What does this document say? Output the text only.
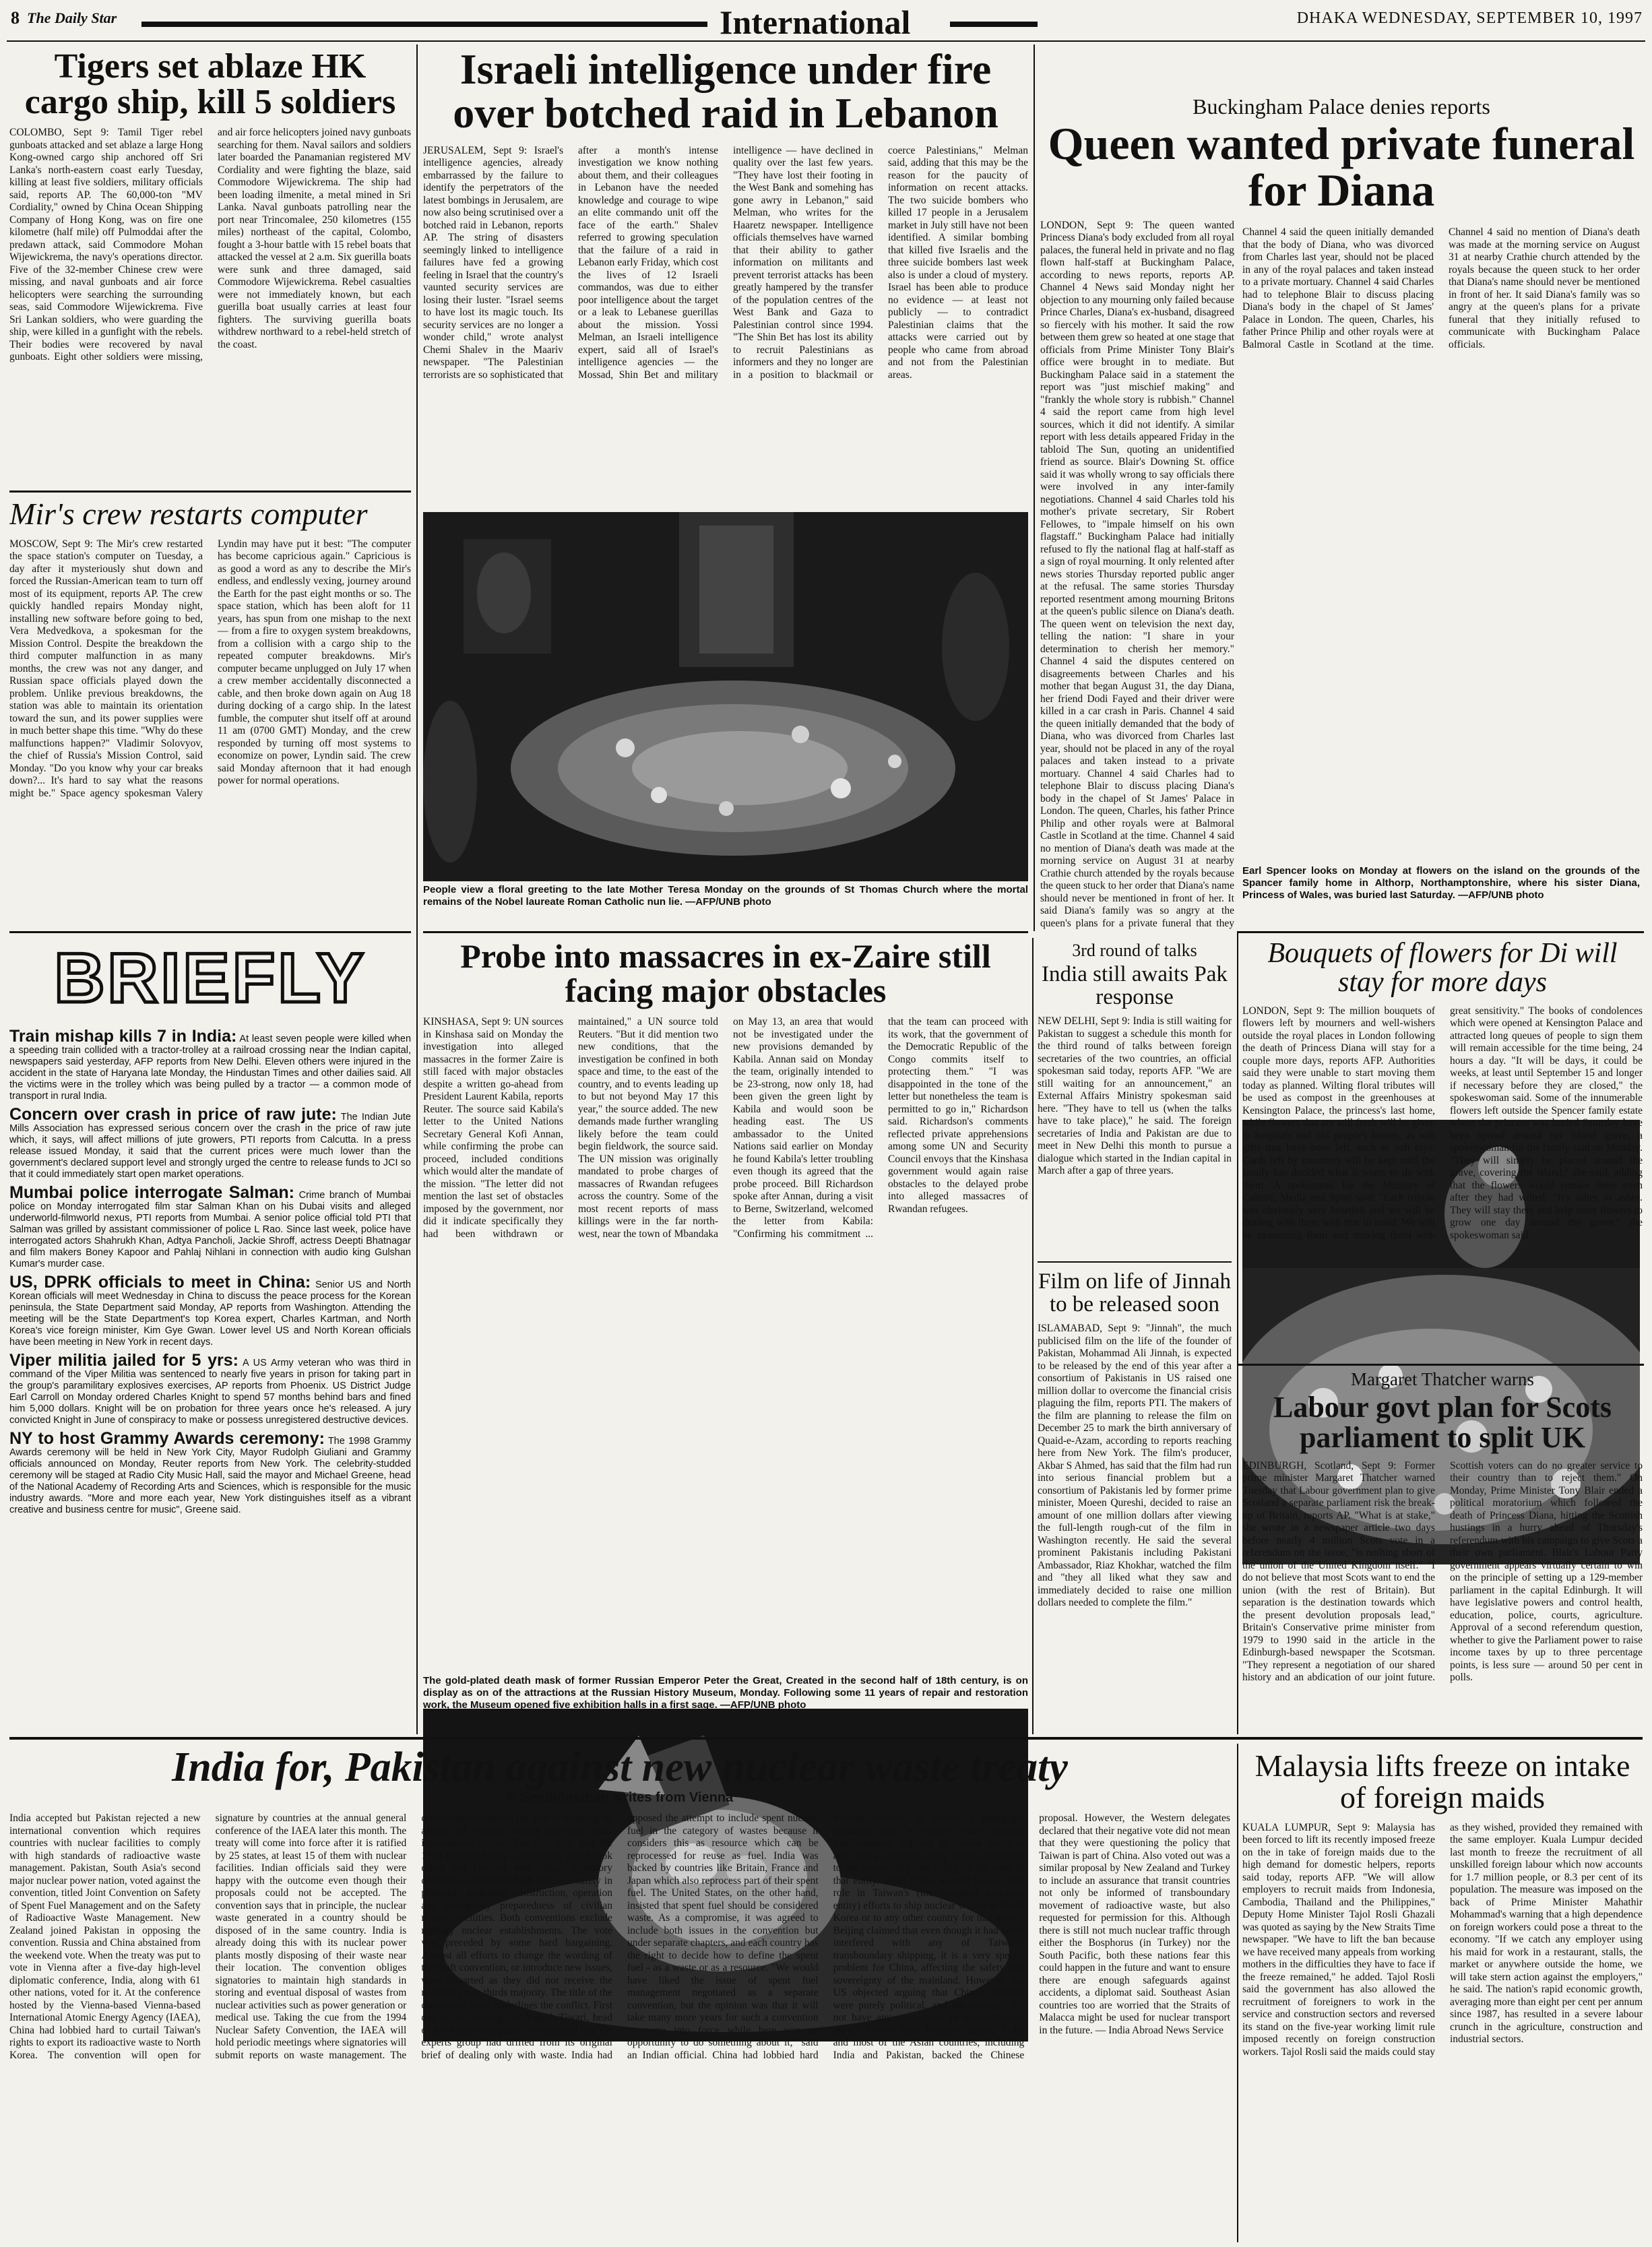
8 The Daily Star	International	DHAKA WEDNESDAY, SEPTEMBER 10, 1997
Tigers set ablaze HK cargo ship, kill 5 soldiers
COLOMBO, Sept 9: Tamil Tiger rebel gunboats attacked and set ablaze a large Hong Kong-owned cargo ship anchored off Sri Lanka's north-eastern coast early Tuesday, killing at least five soldiers, military officials said, reports AP. The 60,000-ton "MV Cordiality," owned by China Ocean Shipping Company of Hong Kong, was on fire one kilometre (half mile) off Pulmoddai after the predawn attack, said Commodore Mohan Wijewickrema, the navy's operations director. Five of the 32-member Chinese crew were missing, and naval gunboats and air force helicopters were searching the surrounding seas, said Commodore Wijewickrema. Five Sri Lankan soldiers, who were guarding the ship, were killed in a gunfight with the rebels. Their bodies were recovered by naval gunboats. Eight other soldiers were missing, and air force helicopters joined navy gunboats searching for them. Naval sailors and soldiers later boarded the Panamanian registered MV Cordiality and were fighting the blaze, said Commodore Wijewickrema. The ship had been loading ilmenite, a metal mined in Sri Lanka. Naval gunboats patrolling near the port near Trincomalee, 250 kilometres (155 miles) northeast of the capital, Colombo, fought a 3-hour battle with 15 rebel boats that attacked the vessel at 2 a.m. Six guerilla boats were sunk and three damaged, said Commodore Wijewickrema. Rebel casualties were not immediately known, but each guerilla boat usually carries at least four fighters. The surviving guerilla boats withdrew northward to a rebel-held stretch of the coast.
Mir's crew restarts computer
MOSCOW, Sept 9: The Mir's crew restarted the space station's computer on Tuesday, a day after it mysteriously shut down and forced the Russian-American team to turn off most of its equipment, reports AP. The crew quickly handled repairs Monday night, installing new software before going to bed, Vera Medvedkova, a spokesman for the Mission Control. Despite the breakdown the third computer malfunction in as many months, the crew was not any danger, and Russian space officials played down the problem. Unlike previous breakdowns, the station was able to maintain its orientation toward the sun, and its power supplies were in much better shape this time. "Why do these malfunctions happen?" Vladimir Solovyov, the chief of Russia's Mission Control, said Monday. "Do you know why your car breaks down?... It's hard to say what the reasons might be." Space agency spokesman Valery Lyndin may have put it best: "The computer has become capricious again." Capricious is as good a word as any to describe the Mir's endless, and endlessly vexing, journey around the Earth for the past eight months or so. The space station, which has been aloft for 11 years, has spun from one mishap to the next — from a fire to oxygen system breakdowns, from a collision with a cargo ship to the repeated computer breakdowns. Mir's computer became unplugged on July 17 when a crew member accidentally disconnected a cable, and then broke down again on Aug 18 during docking of a cargo ship. In the latest fumble, the computer shut itself off at around 11 am (0700 GMT) Monday, and the crew responded by turning off most systems to economize on power, Lyndin said. The crew said Monday afternoon that it had enough power for normal operations.
BRIEFLY

Train mishap kills 7 in India: At least seven people were killed when a speeding train collided with a tractor-trolley at a railroad crossing near the Indian capital, newspapers said yesterday, AFP reports from New Delhi. Eleven others were injured in the accident in the state of Haryana late Monday, the Hindustan Times and other dailies said. All the victims were in the trolley which was being pulled by a tractor — a common mode of transport in rural India.

Concern over crash in price of raw jute: The Indian Jute Mills Association has expressed serious concern over the crash in the price of raw jute which, it says, will affect millions of jute growers, PTI reports from Calcutta. In a press release issued Monday, it said that the current prices were much lower than the government's declared support level and strongly urged the centre to release funds to JCI so that it could immediately start open market operations.

Mumbai police interrogate Salman: Crime branch of Mumbai police on Monday interrogated film star Salman Khan on his Dubai visits and alleged underworld-filmworld nexus, PTI reports from Mumbai. A senior police official told PTI that Salman was grilled by assistant commissioner of police L Rao. Since last week, police have interrogated actors Shahrukh Khan, Adtya Pancholi, Jackie Shroff, actress Deepti Bhatnagar and film makers Boney Kapoor and Pahlaj Nihlani in connection with audio king Gulshan Kumar's murder case.

US, DPRK officials to meet in China: Senior US and North Korean officials will meet Wednesday in China to discuss the peace process for the Korean peninsula, the State Department said Monday, AP reports from Washington. Attending the meeting will be the State Department's top Korea expert, Charles Kartman, and North Korea's vice foreign minister, Kim Gye Gwan. Lower level US and North Korean officials have been meeting in New York in recent days.

Viper militia jailed for 5 yrs: A US Army veteran who was third in command of the Viper Militia was sentenced to nearly five years in prison for taking part in the group's paramilitary explosives exercises, AP reports from Phoenix. US District Judge Earl Carroll on Monday ordered Charles Knight to spend 57 months behind bars and fined him 5,000 dollars. Knight will be on probation for three years once he's released. A jury convicted Knight in June of conspiracy to make or possess unregistered destructive devices.

NY to host Grammy Awards ceremony: The 1998 Grammy Awards ceremony will be held in New York City, Mayor Rudolph Giuliani and Grammy officials announced on Monday, Reuter reports from New York. The celebrity-studded ceremony will be staged at Radio City Music Hall, said the mayor and Michael Greene, head of the National Academy of Recording Arts and Sciences, which is responsible for the music industry awards. "More and more each year, New York distinguishes itself as a vibrant creative and business centre for music", Greene said.

Israeli intelligence under fire over botched raid in Lebanon
JERUSALEM, Sept 9: Israel's intelligence agencies, already embarrassed by the failure to identify the perpetrators of the latest bombings in Jerusalem, are now also being scrutinised over a botched raid in Lebanon, reports AP. The string of disasters seemingly linked to intelligence failures have fed a growing feeling in Israel that the country's vaunted security services are losing their luster. "Israel seems to have lost its magic touch. Its security services are no longer a wonder child," wrote analyst Chemi Shalev in the Maariv newspaper. "The Palestinian terrorists are so sophisticated that after a month's intense investigation we know nothing about them, and their colleagues in Lebanon have the needed knowledge and courage to wipe an elite commando unit off the face of the earth." Shalev referred to growing speculation that the failure of a raid in Lebanon early Friday, which cost the lives of 12 Israeli commandos, was due to either poor intelligence about the target or a leak to Lebanese guerillas about the mission. Yossi Melman, an Israeli intelligence expert, said all of Israel's intelligence agencies — the Mossad, Shin Bet and military intelligence — have declined in quality over the last few years. "They have lost their footing in the West Bank and somehing has gone awry in Lebanon," said Melman, who writes for the Haaretz newspaper. Intelligence officials themselves have warned that their ability to gather information on militants and prevent terrorist attacks has been greatly hampered by the transfer of the population centres of the West Bank and Gaza to Palestinian control since 1994. "The Shin Bet has lost its ability to recruit Palestinians as informers and they no longer are in a position to blackmail or coerce Palestinians," Melman said, adding that this may be the reason for the paucity of information on recent attacks. The two suicide bombers who killed 17 people in a Jerusalem market in July still have not been identified. A similar bombing that killed five Israelis and the three suicide bombers last week also is under a cloud of mystery. Israel has been able to produce no evidence — at least not publicly — to contradict Palestinian claims that the attacks were carried out by people who came from abroad and not from the Palestinian areas.
People view a floral greeting to the late Mother Teresa Monday on the grounds of St Thomas Church where the mortal remains of the Nobel laureate Roman Catholic nun lie. —AFP/UNB photo
Probe into massacres in ex-Zaire still facing major obstacles
KINSHASA, Sept 9: UN sources in Kinshasa said on Monday the investigation into alleged massacres in the former Zaire is still faced with major obstacles despite a written go-ahead from President Laurent Kabila, reports Reuter. The source said Kabila's letter to the United Nations Secretary General Kofi Annan, while confirming the probe can proceed, included conditions which would alter the mandate of the mission. "The letter did not mention the last set of obstacles imposed by the government, nor did it indicate specifically they had been withdrawn or maintained," a UN source told Reuters. "But it did mention two new conditions, that the investigation be confined in both space and time, to the east of the country, and to events leading up to but not beyond May 17 this year," the source added. The new demands made further wrangling likely before the team could begin fieldwork, the source said. The UN mission was originally mandated to probe charges of massacres of Rwandan refugees across the country. Some of the most recent reports of mass killings were in the far north-west, near the town of Mbandaka on May 13, an area that would not be investigated under the new provisions demanded by Kabila. Annan said on Monday the team, originally intended to be 23-strong, now only 18, had been given the green light by Kabila and would soon be heading east. The US ambassador to the United Nations said earlier on Monday he found Kabila's letter troubling even though its agreed that the probe proceed. Bill Richardson spoke after Annan, during a visit to Berne, Switzerland, welcomed the letter from Kabila: "Confirming his commitment ... that the team can proceed with its work, that the government of the Democratic Republic of the Congo commits itself to protecting them." "I was disappointed in the tone of the letter but nonetheless the team is permitted to go in," Richardson said. Richardson's comments reflected private apprehensions among some UN and Security Council envoys that the Kinshasa government would again raise obstacles to the delayed probe into alleged massacres of Rwandan refugees.
The gold-plated death mask of former Russian Emperor Peter the Great, Created in the second half of 18th century, is on display as on of the attractions at the Russian History Museum, Monday. Following some 11 years of repair and restoration work, the Museum opened five exhibition halls in a first sage. —AFP/UNB photo

3rd round of talks

India still awaits Pak response
NEW DELHI, Sept 9: India is still waiting for Pakistan to suggest a schedule this month for the third round of talks between foreign secretaries of the two countries, an official spokesman said today, reports AFP. "We are still waiting for an announcement," an External Affairs Ministry spokesman said here. "They have to tell us (when the talks have to take place)," he said. The foreign secretaries of India and Pakistan are due to meet in New Delhi this month to pursue a dialogue which started in the Indian capital in March after a gap of three years.
Film on life of Jinnah to be released soon
ISLAMABAD, Sept 9: "Jinnah", the much publicised film on the life of the founder of Pakistan, Mohammad Ali Jinnah, is expected to be released by the end of this year after a consortium of Pakistanis in US raised one million dollar to overcome the financial crisis plaguing the film, reports PTI. The makers of the film are planning to release the film on December 25 to mark the birth anniversary of Quaid-e-Azam, according to reports reaching here from New York. The film's producer, Akbar S Ahmed, has said that the film had run into serious financial problem but a consortium of Pakistanis led by former prime minister, Moeen Qureshi, decided to raise an amount of one million dollars after viewing the full-length rough-cut of the film in Washington recently. He said the several prominent Pakistanis including Pakistani Ambassador, Riaz Khokhar, watched the film and "they all liked what they saw and immediately decided to raise one million dollars needed to complete the film."

Buckingham Palace denies reports

Queen wanted private funeral for Diana
LONDON, Sept 9: The queen wanted Princess Diana's body excluded from all royal palaces, the funeral held in private and no flag flown half-staff at Buckingham Palace, according to news reports, reports AP. Channel 4 News said Monday night her objection to any mourning only failed because Prince Charles, Diana's ex-husband, disagreed so fiercely with his mother. It said the row between them grew so heated at one stage that officials from Prime Minister Tony Blair's office were brought in to mediate. But Buckingham Palace said in a statement the report was "just mischief making" and "frankly the whole story is rubbish." Channel 4 said the report came from high level sources, which it did not identify. A similar report with less details appeared Friday in the tabloid The Sun, quoting an unidentified friend as source. Blair's Downing St. office said it was wholly wrong to say officials there were involved in any inter-family negotiations. Channel 4 said Charles told his mother's private secretary, Sir Robert Fellowes, to "impale himself on his own flagstaff." Buckingham Palace had initially refused to fly the national flag at half-staff as a sign of royal mourning. It only relented after news stories Thursday reported public anger at the refusal. The same stories Thursday reported resentment among mourning Britons at the queen's public silence on Diana's death. The queen went on television the next day, telling the nation: "I share in your determination to cherish her memory." Channel 4 said the disputes centered on disagreements between Charles and his mother that began August 31, the day Diana, her friend Dodi Fayed and their driver were killed in a car crash in Paris. Channel 4 said the queen initially demanded that the body of Diana, who was divorced from Charles last year, should not be placed in any of the royal palaces and taken instead to a private mortuary. Channel 4 said Charles had to telephone Blair to discuss placing Diana's body in the chapel of St James' Palace in London. The queen, Charles, his father Prince Philip and other royals were at Balmoral Castle in Scotland at the time. Channel 4 said no mention of Diana's death was made at the morning service on August 31 at nearby Crathie church attended by the royals because the queen stuck to her order that Diana's name should never be mentioned in front of her. It said Diana's family was so angry at the queen's plans for a private funeral that they
Channel 4 said the queen initially demanded that the body of Diana, who was divorced from Charles last year, should not be placed in any of the royal palaces and taken instead to a private mortuary. Channel 4 said Charles had to telephone Blair to discuss placing Diana's body in the chapel of St James' Palace in London. The queen, Charles, his father Prince Philip and other royals were at Balmoral Castle in Scotland at the time. Channel 4 said no mention of Diana's death was made at the morning service on August 31 at nearby Crathie church attended by the royals because the queen stuck to her order that Diana's name should never be mentioned in front of her. It said Diana's family was so angry at the queen's plans for a private funeral that they initially refused to communicate with Buckingham Palace officials.
Earl Spencer looks on Monday at flowers on the island on the grounds of the Spancer family home in Althorp, Northamptonshire, where his sister Diana, Princess of Wales, was buried last Saturday. —AFP/UNB photo
Bouquets of flowers for Di will stay for more days
LONDON, Sept 9: The million bouquets of flowers left by mourners and well-wishers outside the royal places in London following the death of Princess Diana will stay for a couple more days, reports AFP. Authorities said they were unable to start moving them today as planned. Wilting floral tributes will be used as compost in the greenhouses at Kensington Palace, the princess's last home, while flowers that are still fresh will be given to hospitals and old people's homes, as will gifts that have been left, such as soft toys. Cards left by mourners will be kept until the family has decided what it wants to do with them. A spokesman for the Ministry of Culture, Media and Sport said: "Each tribute was obviously very heartfelt and we will be dealing with them with that in mind. We will be examining them and moving them with great sensitivity." The books of condolences which were opened at Kensington Palace and attracted long queues of people to sign them will remain accessible for the time being, 24 hours a day. "It will be days, it could be weeks, at least until September 15 and longer if necessary before they are closed," the spokeswoman said. Some of the innumerable flowers left outside the Spencer family estate where the princess was buried Saturday have been spread around her island grave, a spokeswoman for the family said on Monday. "They will simply be placed around the grave, covering the island," she said, adding that the flowers would remain there even after they had wilted. "It's ashes to ashes. They will stay there and help more flowers to grow one day around the grave," the spokeswoman said.

Margaret Thatcher warns

Labour govt plan for Scots parliament to split UK
EDINBURGH, Scotland, Sept 9: Former prime minister Margaret Thatcher warned Tuesday that Labour government plan to give Scotland a separate parliament risk the break-up of Britain, reports AP. "What is at stake," she wrote in a newspaper article two days before nearly 4 million Scots vote in a referendum on the issue, "is nothing short of the union of the United Kingdom itself." "I do not believe that most Scots want to end the union (with the rest of Britain). But separation is the destination towards which the present devolution proposals lead," Britain's Conservative prime minister from 1979 to 1990 said in the article in the Edinburgh-based newspaper the Scotsman. "They represent a negotiation of our shared history and an abdication of our joint future. Scottish voters can do no greater service to their country than to reject them." On Monday, Prime Minister Tony Blair ended a political moratorium which followed the death of Princess Diana, hitting the Scottish hustings in a hurry ahead of Thursday's referendum with his campaign to give Scots a their own parliament. Blair's Labour Party government appears virtually certain to win on the principle of setting up a 129-member parliament in the capital Edinburgh. It will have legislative powers and control health, education, police, courts, agriculture. Approval of a second referendum question, whether to give the Parliament power to raise income taxes by up to three percentage points, is less sure — around 50 per cent in polls.
India for, Pakistan against new nuclear waste treaty

R Senthilnathan writes from Vienna

India accepted but Pakistan rejected a new international convention which requires countries with nuclear facilities to comply with high standards of radioactive waste management. Pakistan, South Asia's second major nuclear power nation, voted against the convention, titled Joint Convention on Safety of Spent Fuel Management and on the Safety of Radioactive Waste Management. New Zealand joined Pakistan in opposing the convention. Russia and China abstained from the weekend vote. When the treaty was put to vote in Vienna after a five-day high-level diplomatic conference, India, along with 61 other nations, voted for it. At the conference hosted by the Vienna-based Vienna-based International Atomic Energy Agency (IAEA), China had lobbied hard to curtail Taiwan's rights to export its radioactive waste to North Korea. The convention will open for signature by countries at the annual general conference of the IAEA later this month. The treaty will come into force after it is ratified by 25 states, at least 15 of them with nuclear facilities. Indian officials said they were happy with the outcome even though their proposals could not be accepted. The convention says that in principle, the nuclear waste generated in a country should be disposed of in the same country. India is already doing this with its nuclear power plants mostly disposing of their waste near their location. The convention obliges signatories to maintain high standards in storing and eventual disposal of wastes from nuclear activities such as power generation or medical use. Taking the cue from the 1994 Nuclear Safety Convention, the IAEA will hold periodic meetings where signatories will submit reports on waste management. The convention completes the aim of bringing all aspects of civilian nuclear activities under international norms. The first step was the 1994 Nuclear Safety Convention, which took effect last October and obliges signatory countries to maintain high levels of safety in planning, designing, construction, operation and emergency preparedness of civilian nuclear facilities. Both conventions exclude military nuclear establishments. The vote was preceded by some hard bargaining. Almost all efforts to change the wording of the draft convention, or introduce new issues, were thwarted as they did not receive the necessary two-thirds majority. The title of the convention itself underlines the conflict. First day of the meeting, Mr Yogesh Tiwari, head of the Indian delegation, complained that the experts group had drifted from its original brief of dealing only with waste. India had opposed the attempt to include spent nuclear fuel in the category of wastes because it considers this as resource which can be reprocessed for reuse as fuel. India was backed by countries like Britain, France and Japan which also reprocess part of their spent fuel. The United States, on the other hand, insisted that spent fuel should be considered waste. As a compromise, it was agreed to include both issues in the convention but under separate chapters, and each country has the right to decide how to define the spent fuel - as a waste or as a resource. "We would have liked the issue of spent fuel management negotiated as a separate convention, but the opinion was that it will take many more years for such a convention to come into force while here was an opportunity to do something about it," said an Indian official. China had lobbied hard without success, to include a paragraph declaring that a country may conduct transboundary shipping of nuclear waste to and from a non-state entity without prejudice to the sovereignty and safety of the state of that entity. What China wanted was a clear role in Taiwan's (the so-called non-state entity) efforts to ship nuclear wastes to North Korea or to any other country for that matter. Beijing claimed that even though it had never interfered with any of Taiwan's transboundary shipping, it is a very special problem for China, affecting the safety and sovereignty of the mainland. However, the US objected arguing that China's motives were purely political, and the proposal did not have any economical or environmental aspect. Unlike most Western nations, Cuba and most of the Asian countries, including India and Pakistan, backed the Chinese proposal. However, the Western delegates declared that their negative vote did not mean that they were questioning the policy that Taiwan is part of China. Also voted out was a similar proposal by New Zealand and Turkey to include an assurance that transit countries not only be informed of transboundary movement of radioactive waste, but also requested for permission for this. Although there is still not much nuclear traffic through either the Bosphorus (in Turkey) nor the South Pacific, both these nations fear this could happen in the future and want to ensure there are enough safeguards against accidents, a diplomat said. Southeast Asian countries too are worried that the Straits of Malacca might be used for nuclear transport in the future. — India Abroad News Service
Malaysia lifts freeze on intake of foreign maids
KUALA LUMPUR, Sept 9: Malaysia has been forced to lift its recently imposed freeze on the in take of foreign maids due to the high demand for domestic helpers, reports said today, reports AFP. "We will allow employers to recruit maids from Indonesia, Cambodia, Thailand and the Philippines," Deputy Home Minister Tajol Rosli Ghazali was quoted as saying by the New Straits Time newspaper. "We have to lift the ban because we have received many appeals from working mothers in the difficulties they have to face if the freeze remained," he added. Tajol Rosli said the government has also allowed the recruitment of foreigners to work in the service and construction sectors and reversed its stand on the five-year working limit rule imposed recently on foreign construction workers. Tajol Rosli said the maids could stay as they wished, provided they remained with the same employer. Kuala Lumpur decided last month to freeze the recruitment of all unskilled foreign labour which now accounts for 1.7 million people, or 8.3 per cent of its population. The measure was imposed on the back of Prime Minister Mahathir Mohammad's warning that a high dependence on foreign workers could pose a threat to the economy. "If we catch any employer using his maid for work in a restaurant, stalls, the market or anywhere outside the home, we will take stern action against the employers," he said. The nation's rapid economic growth, averaging more than eight per cent per annum since 1987, has resulted in a severe labour crunch in the agriculture, construction and industrial sectors.
